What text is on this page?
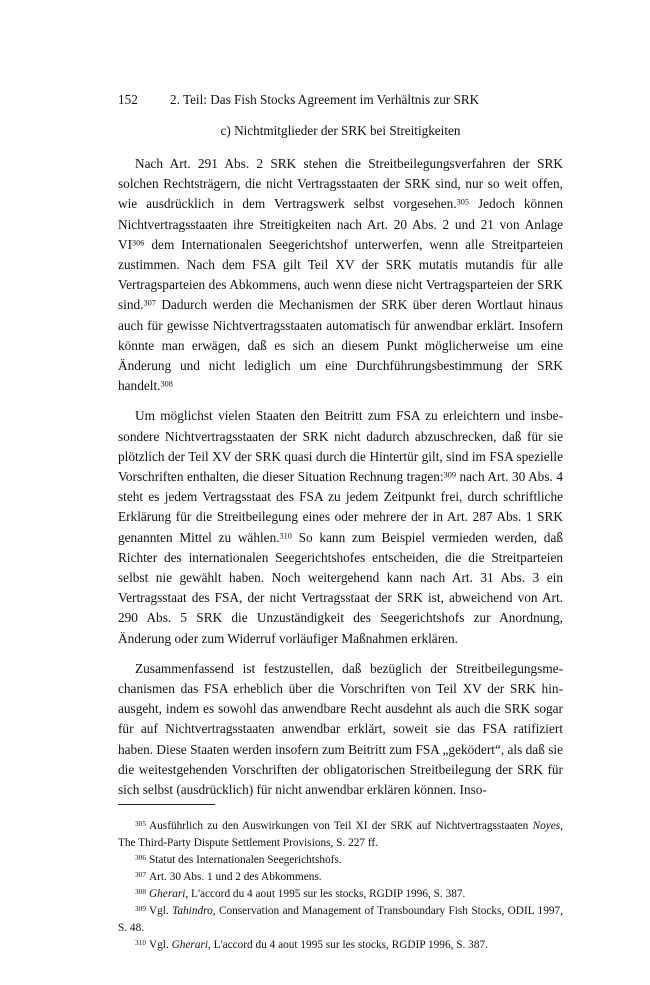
152 2. Teil: Das Fish Stocks Agreement im Verhältnis zur SRK
c) Nichtmitglieder der SRK bei Streitigkeiten

Nach Art. 291 Abs. 2 SRK stehen die Streitbeilegungsverfahren der SRK solchen Rechtsträgern, die nicht Vertragsstaaten der SRK sind, nur so weit offen, wie ausdrücklich in dem Vertragswerk selbst vorgesehen.$^{305}$ Jedoch können Nichtvertragsstaaten ihre Streitigkeiten nach Art. 20 Abs. 2 und 21 von Anlage VI$^{306}$ dem Internationalen Seegerichtshof unterwerfen, wenn alle Streitparteien zustimmen. Nach dem FSA gilt Teil XV der SRK mutatis mutandis für alle Vertragsparteien des Abkommens, auch wenn diese nicht Vertragsparteien der SRK sind.$^{307}$ Dadurch werden die Mechanismen der SRK über deren Wortlaut hinaus auch für gewisse Nichtvertragsstaaten automatisch für anwendbar erklärt. Insofern könnte man erwägen, daß es sich an diesem Punkt möglicherweise um eine Änderung und nicht lediglich um eine Durchführungsbestimmung der SRK handelt.$^{308}$

Um möglichst vielen Staaten den Beitritt zum FSA zu erleichtern und insbesondere Nichtvertragsstaaten der SRK nicht dadurch abzuschrecken, daß für sie plötzlich der Teil XV der SRK quasi durch die Hintertür gilt, sind im FSA spezielle Vorschriften enthalten, die dieser Situation Rechnung tragen:$^{309}$ nach Art. 30 Abs. 4 steht es jedem Vertragsstaat des FSA zu jedem Zeitpunkt frei, durch schriftliche Erklärung für die Streitbeilegung eines oder mehrere der in Art. 287 Abs. 1 SRK genannten Mittel zu wählen.$^{310}$ So kann zum Beispiel vermieden werden, daß Richter des internationalen Seegerichtshofes entscheiden, die die Streitparteien selbst nie gewählt haben. Noch weitergehend kann nach Art. 31 Abs. 3 ein Vertragsstaat des FSA, der nicht Vertragsstaat der SRK ist, abweichend von Art. 290 Abs. 5 SRK die Unzuständigkeit des Seegerichtshofs zur Anordnung, Änderung oder zum Widerruf vorläufiger Maßnahmen erklären.

Zusammenfassend ist festzustellen, daß bezüglich der Streitbeilegungsmechanismen das FSA erheblich über die Vorschriften von Teil XV der SRK hinausgeht, indem es sowohl das anwendbare Recht ausdehnt als auch die SRK sogar für auf Nichtvertragsstaaten anwendbar erklärt, soweit sie das FSA ratifiziert haben. Diese Staaten werden insofern zum Beitritt zum FSA „geködert“, als daß sie die weitestgehenden Vorschriften der obligatorischen Streitbeilegung der SRK für sich selbst (ausdrücklich) für nicht anwendbar erklären können. Inso-

$^{305}$ Ausführlich zu den Auswirkungen von Teil XI der SRK auf Nichtvertragsstaaten Noyes, The Third-Party Dispute Settlement Provisions, S. 227 ff.

$^{306}$ Statut des Internationalen Seegerichtshofs.

$^{307}$ Art. 30 Abs. 1 und 2 des Abkommens.

$^{308}$ Gherari, L'accord du 4 aout 1995 sur les stocks, RGDIP 1996, S. 387.

$^{309}$ Vgl. Tahindro, Conservation and Management of Transboundary Fish Stocks, ODIL 1997, S. 48.

$^{310}$ Vgl. Gherari, L'accord du 4 aout 1995 sur les stocks, RGDIP 1996, S. 387.
